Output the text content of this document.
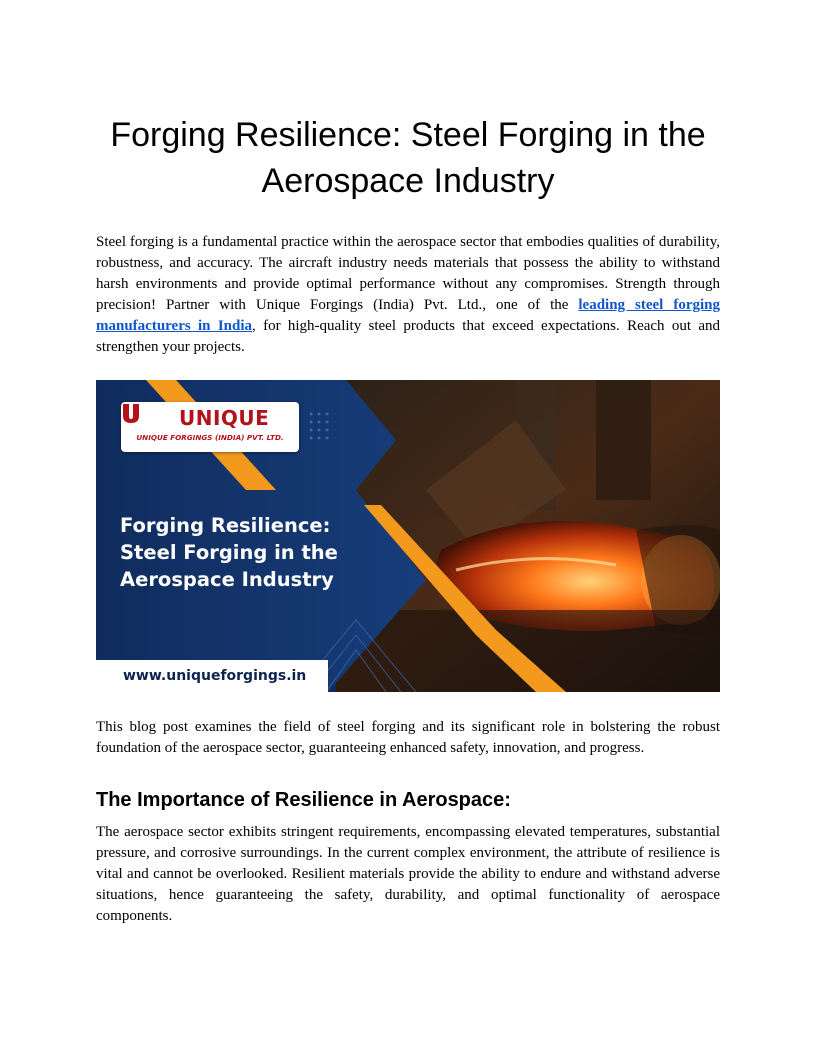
Forging Resilience: Steel Forging in the Aerospace Industry

Steel forging is a fundamental practice within the aerospace sector that embodies qualities of durability, robustness, and accuracy. The aircraft industry needs materials that possess the ability to withstand harsh environments and provide optimal performance without any compromises. Strength through precision! Partner with Unique Forgings (India) Pvt. Ltd., one of the leading steel forging manufacturers in India, for high-quality steel products that exceed expectations. Reach out and strengthen your projects.

UNIQUE
UNIQUE FORGINGS (INDIA) PVT. LTD.

Forging Resilience: Steel Forging in the Aerospace Industry

www.uniqueforgings.in

This blog post examines the field of steel forging and its significant role in bolstering the robust foundation of the aerospace sector, guaranteeing enhanced safety, innovation, and progress.

The Importance of Resilience in Aerospace:

The aerospace sector exhibits stringent requirements, encompassing elevated temperatures, substantial pressure, and corrosive surroundings. In the current complex environment, the attribute of resilience is vital and cannot be overlooked. Resilient materials provide the ability to endure and withstand adverse situations, hence guaranteeing the safety, durability, and optimal functionality of aerospace components.
